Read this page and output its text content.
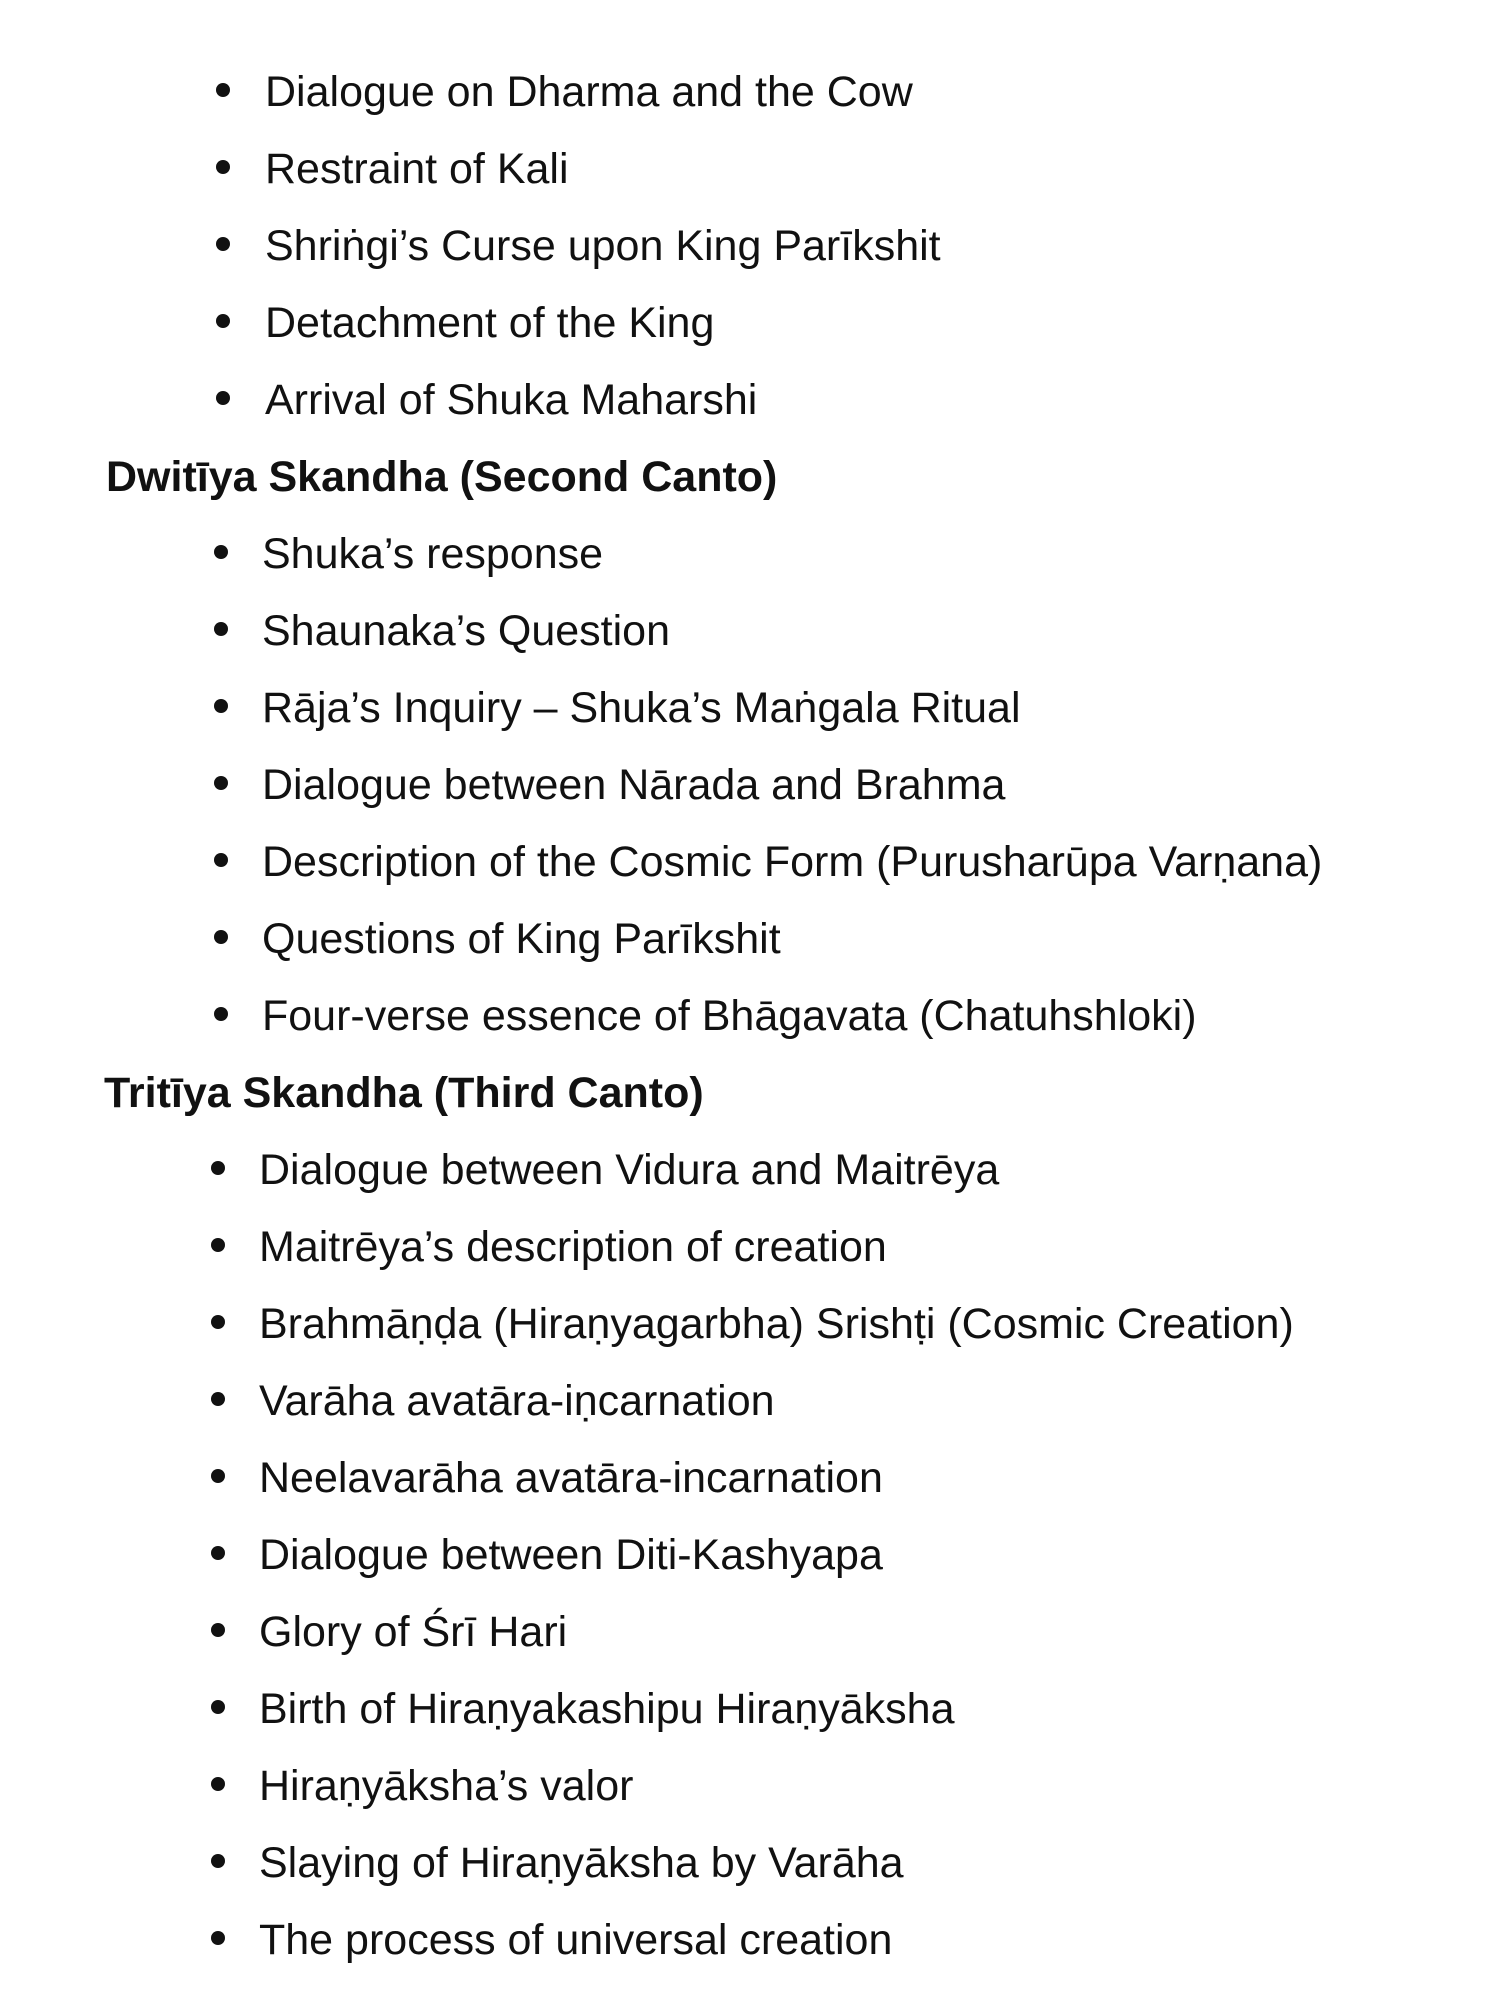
Dialogue on Dharma and the Cow
Restraint of Kali
Shriṅgi’s Curse upon King Parīkshit
Detachment of the King
Arrival of Shuka Maharshi
Dwitīya Skandha (Second Canto)
Shuka’s response
Shaunaka’s Question
Rāja’s Inquiry – Shuka’s Maṅgala Ritual
Dialogue between Nārada and Brahma
Description of the Cosmic Form (Purusharūpa Varṇana)
Questions of King Parīkshit
Four-verse essence of Bhāgavata (Chatuhshloki)
Tritīya Skandha (Third Canto)
Dialogue between Vidura and Maitrēya
Maitrēya’s description of creation
Brahmāṇḍa (Hiraṇyagarbha) Srishṭi (Cosmic Creation)
Varāha avatāra-iṇcarnation
Neelavarāha avatāra-incarnation
Dialogue between Diti-Kashyapa
Glory of Śrī Hari
Birth of Hiraṇyakashipu Hiraṇyāksha
Hiraṇyāksha’s valor
Slaying of Hiraṇyāksha by Varāha
The process of universal creation
